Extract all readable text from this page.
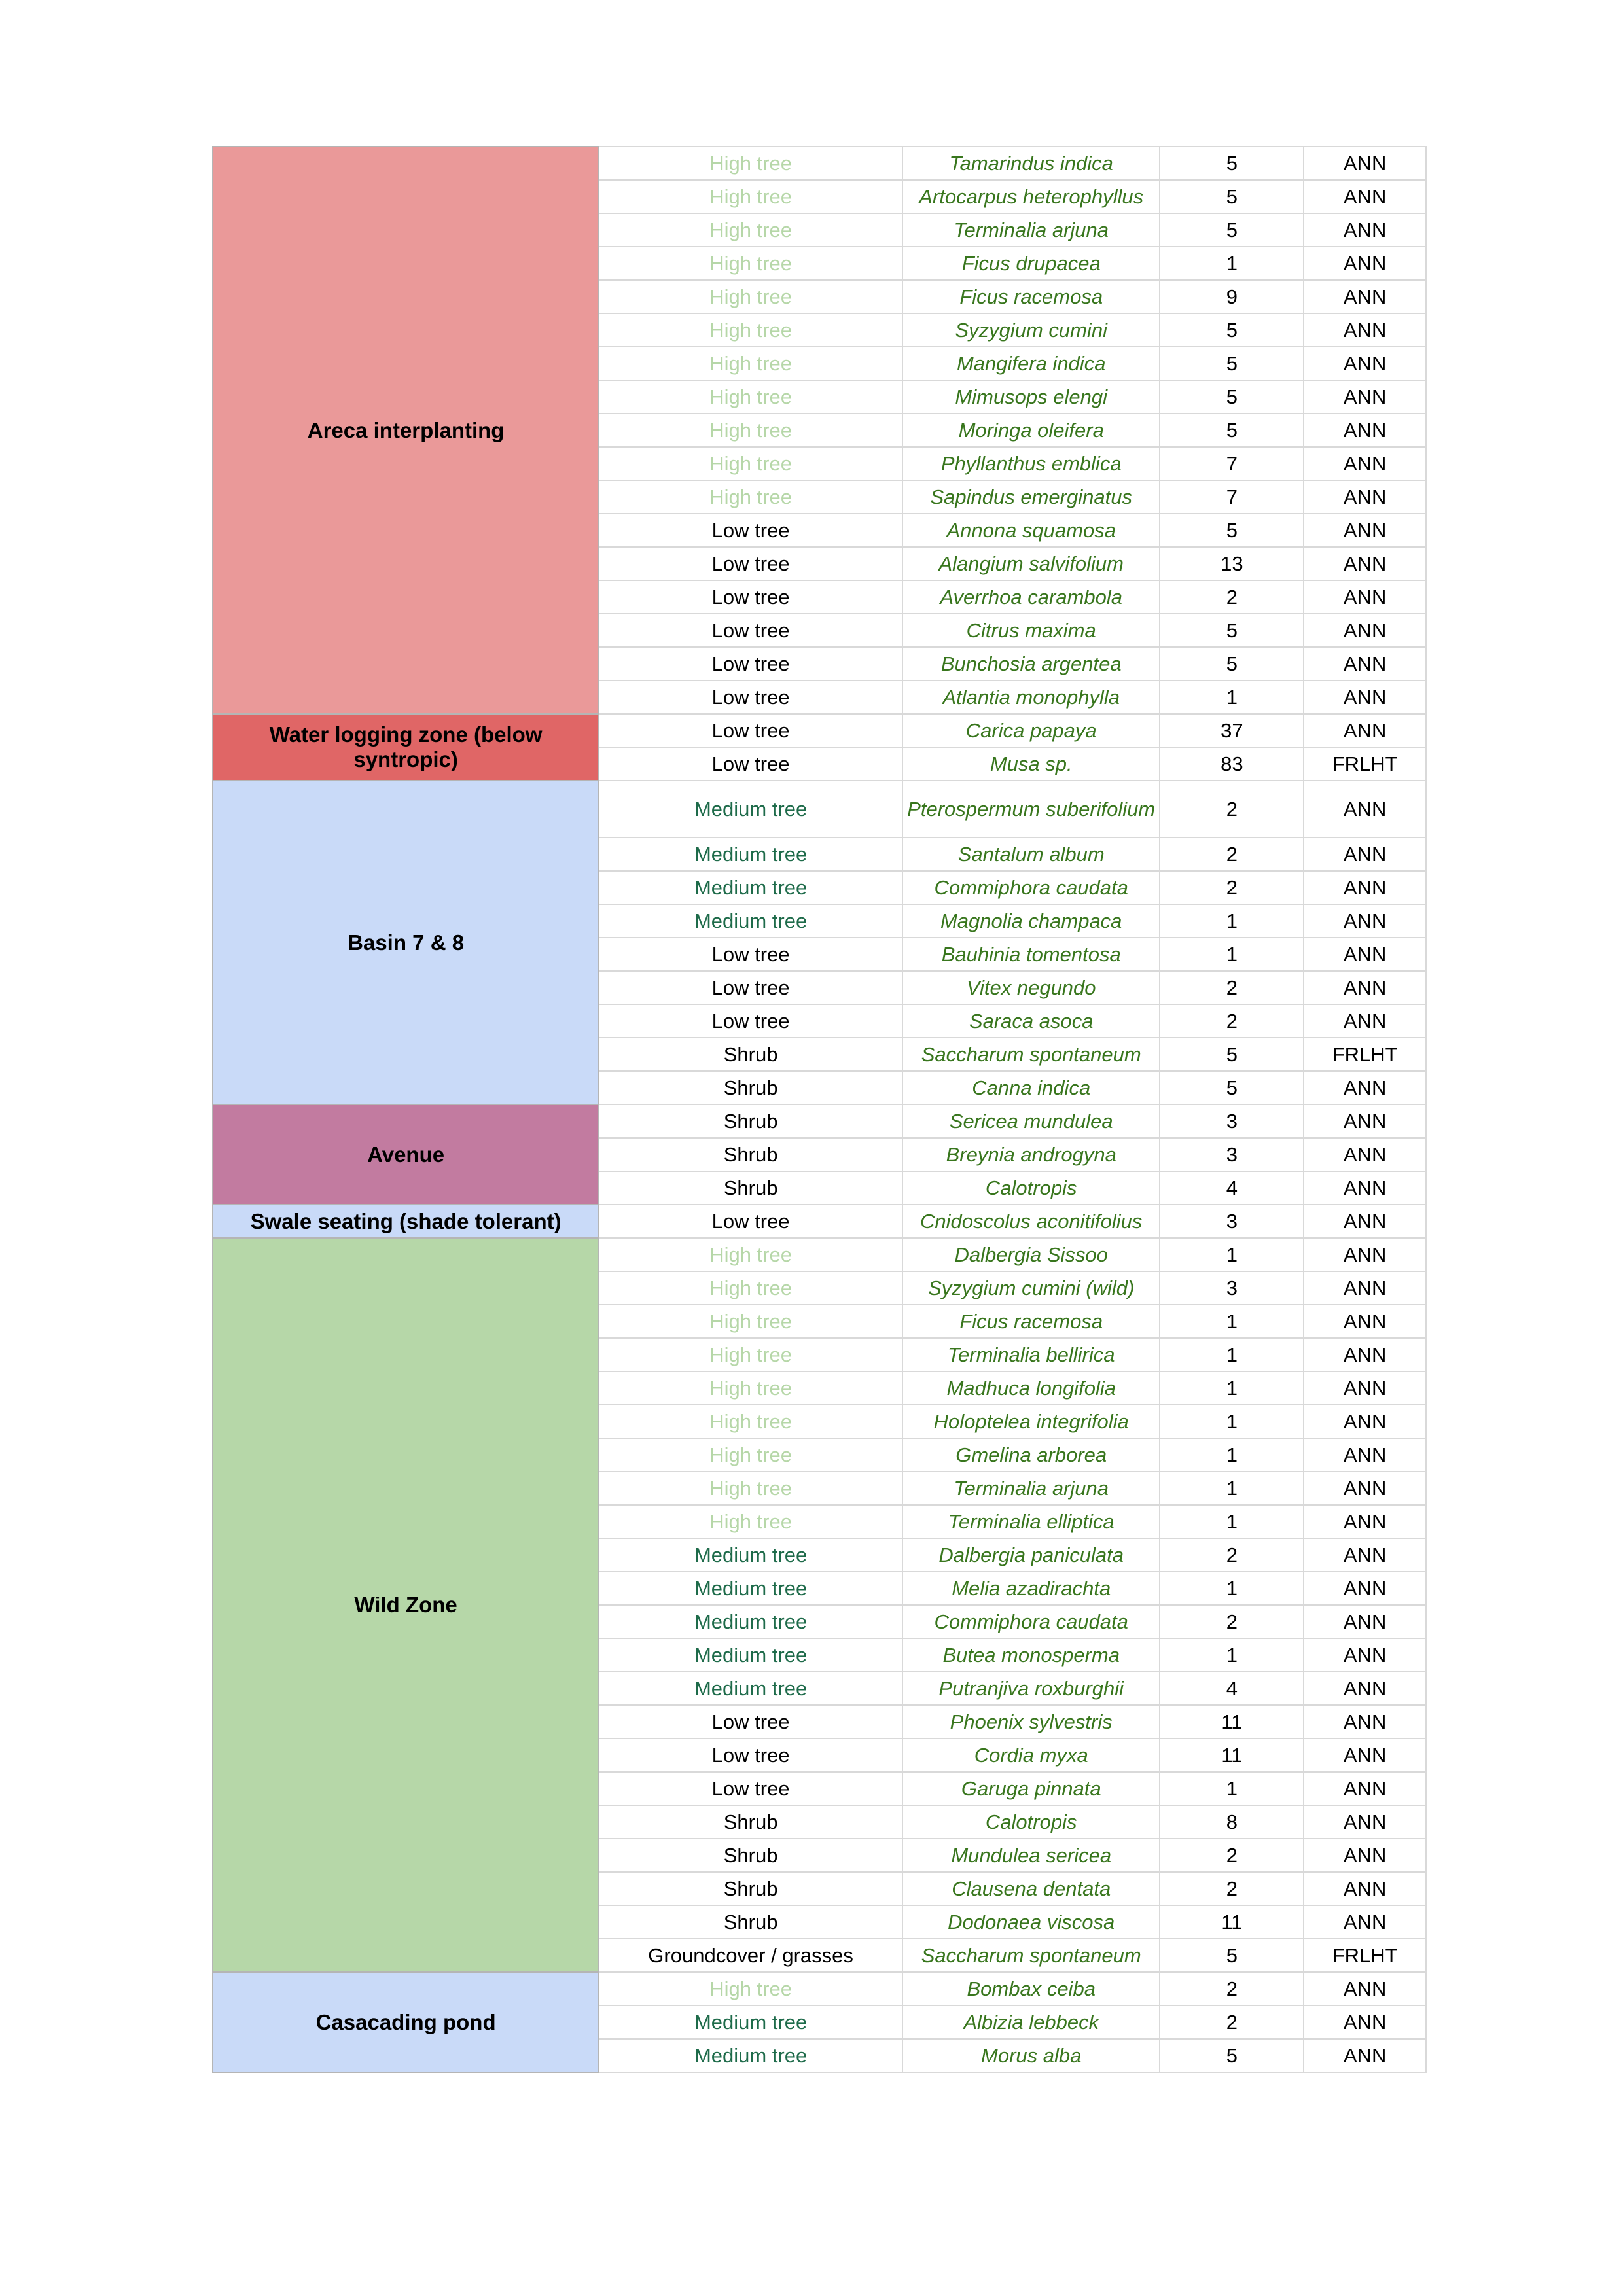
Areca interplanting	High tree	Tamarindus indica	5	ANN
	High tree	Artocarpus heterophyllus	5	ANN
	High tree	Terminalia arjuna	5	ANN
	High tree	Ficus drupacea	1	ANN
	High tree	Ficus racemosa	9	ANN
	High tree	Syzygium cumini	5	ANN
	High tree	Mangifera indica	5	ANN
	High tree	Mimusops elengi	5	ANN
	High tree	Moringa oleifera	5	ANN
	High tree	Phyllanthus emblica	7	ANN
	High tree	Sapindus emerginatus	7	ANN
	Low tree	Annona squamosa	5	ANN
	Low tree	Alangium salvifolium	13	ANN
	Low tree	Averrhoa carambola	2	ANN
	Low tree	Citrus maxima	5	ANN
	Low tree	Bunchosia argentea	5	ANN
	Low tree	Atlantia monophylla	1	ANN
Water logging zone (below syntropic)	Low tree	Carica papaya	37	ANN
	Low tree	Musa sp.	83	FRLHT
Basin 7 & 8	Medium tree	Pterospermum suberifolium	2	ANN
	Medium tree	Santalum album	2	ANN
	Medium tree	Commiphora caudata	2	ANN
	Medium tree	Magnolia champaca	1	ANN
	Low tree	Bauhinia tomentosa	1	ANN
	Low tree	Vitex negundo	2	ANN
	Low tree	Saraca asoca	2	ANN
	Shrub	Saccharum spontaneum	5	FRLHT
	Shrub	Canna indica	5	ANN
Avenue	Shrub	Sericea mundulea	3	ANN
	Shrub	Breynia androgyna	3	ANN
	Shrub	Calotropis	4	ANN
Swale seating (shade tolerant)	Low tree	Cnidoscolus aconitifolius	3	ANN
Wild Zone	High tree	Dalbergia Sissoo	1	ANN
	High tree	Syzygium cumini (wild)	3	ANN
	High tree	Ficus racemosa	1	ANN
	High tree	Terminalia bellirica	1	ANN
	High tree	Madhuca longifolia	1	ANN
	High tree	Holoptelea integrifolia	1	ANN
	High tree	Gmelina arborea	1	ANN
	High tree	Terminalia arjuna	1	ANN
	High tree	Terminalia elliptica	1	ANN
	Medium tree	Dalbergia paniculata	2	ANN
	Medium tree	Melia azadirachta	1	ANN
	Medium tree	Commiphora caudata	2	ANN
	Medium tree	Butea monosperma	1	ANN
	Medium tree	Putranjiva roxburghii	4	ANN
	Low tree	Phoenix sylvestris	11	ANN
	Low tree	Cordia myxa	11	ANN
	Low tree	Garuga pinnata	1	ANN
	Shrub	Calotropis	8	ANN
	Shrub	Mundulea sericea	2	ANN
	Shrub	Clausena dentata	2	ANN
	Shrub	Dodonaea viscosa	11	ANN
	Groundcover / grasses	Saccharum spontaneum	5	FRLHT
Casacading pond	High tree	Bombax ceiba	2	ANN
	Medium tree	Albizia lebbeck	2	ANN
	Medium tree	Morus alba	5	ANN
